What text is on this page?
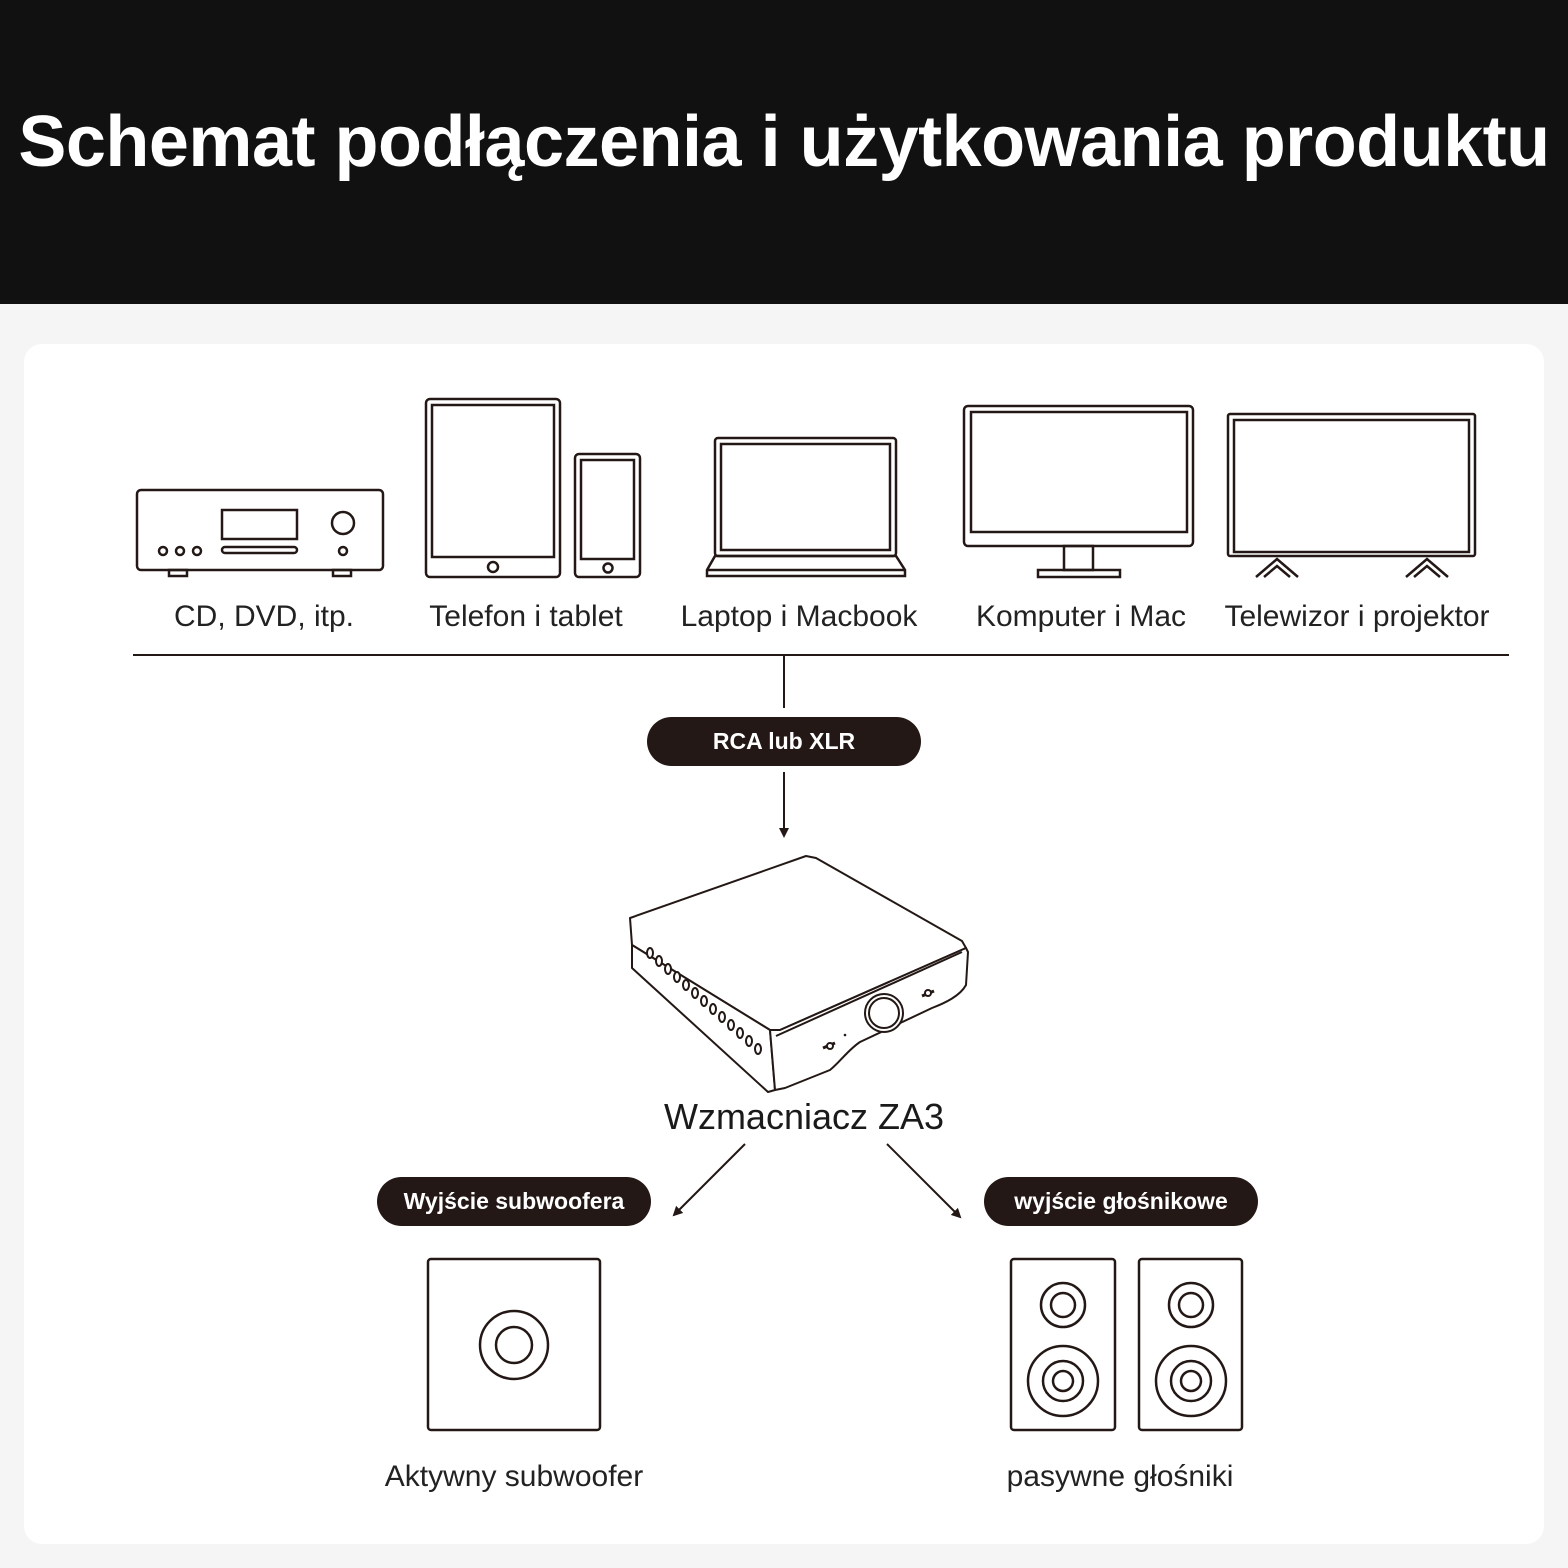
Schemat podłączenia i użytkowania produktu
CD, DVD, itp.	Telefon i tablet Laptop i Macbook Komputer i Mac Telewizor i projektor
RCA lub XLR
Wyjście subwoofera	wyjście głośnikowe
Wzmacniacz ZA3
Aktywny subwoofer	pasywne głośniki
